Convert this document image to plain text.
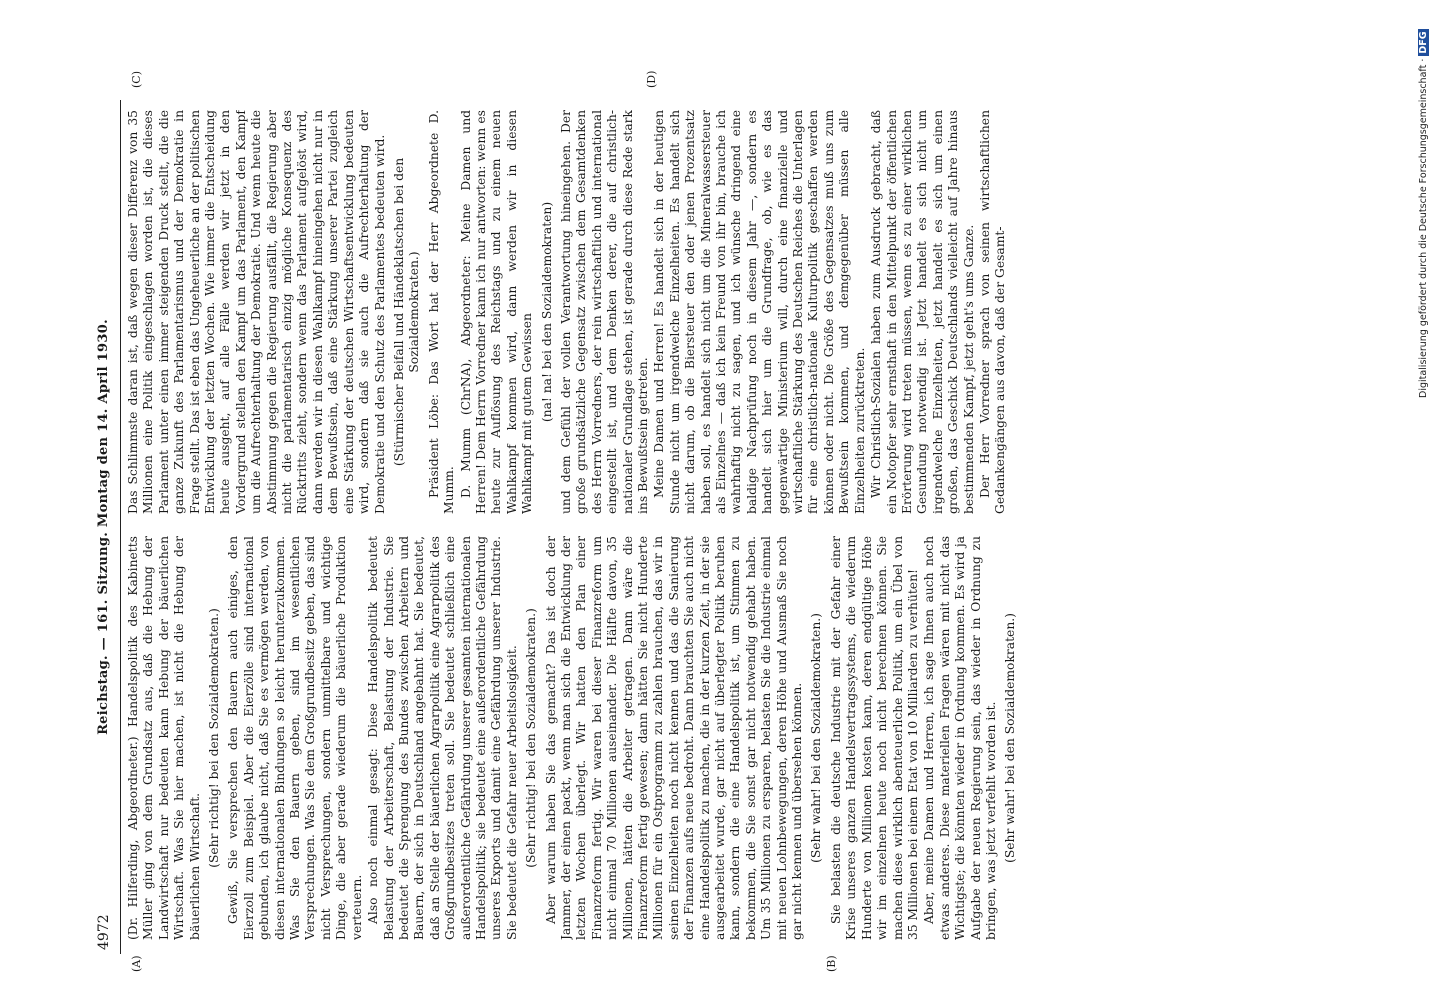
4972
Reichstag. — 161. Sitzung. Montag den 14. April 1930.
(A)	(B)
(C)	(D)

(Dr. Hilferding, Abgeordneter.) Handelspolitik des Kabinetts Müller ging von dem Grundsatz aus, daß die Hebung der Landwirtschaft nur bedeuten kann Hebung der bäuerlichen Wirtschaft. Was Sie hier machen, ist nicht die Hebung der bäuerlichen Wirtschaft. (Sehr richtig! bei den Sozialdemokraten.) Gewiß, Sie versprechen den Bauern auch einiges, den Eierzoll zum Beispiel. Aber die Eierzölle sind international gebunden, ich glaube nicht, daß Sie es vermögen werden, von diesen internationalen Bindungen so leicht herunterzukommen. Was Sie den Bauern geben, sind im wesentlichen Versprechungen. Was Sie dem Großgrundbesitz geben, das sind nicht Versprechungen, sondern unmittelbare und wichtige Dinge, die aber gerade wiederum die bäuerliche Produktion verteuern. Also noch einmal gesagt: Diese Handelspolitik bedeutet Belastung der Arbeiterschaft, Belastung der Industrie. Sie bedeutet die Sprengung des Bundes zwischen Arbeitern und Bauern, der sich in Deutschland angebahnt hat. Sie bedeutet, daß an Stelle der bäuerlichen Agrarpolitik eine Agrarpolitik des Großgrundbesitzes treten soll. Sie bedeutet schließlich eine außerordentliche Gefährdung unserer gesamten internationalen Handelspolitik; sie bedeutet eine außerordentliche Gefährdung unseres Exports und damit eine Gefährdung unserer Industrie. Sie bedeutet die Gefahr neuer Arbeitslosigkeit. (Sehr richtig! bei den Sozialdemokraten.) Aber warum haben Sie das gemacht? Das ist doch der Jammer, der einen packt, wenn man sich die Entwicklung der letzten Wochen überlegt. Wir hatten den Plan einer Finanzreform fertig. Wir waren bei dieser Finanzreform um nicht einmal 70 Millionen auseinander. Die Hälfte davon, 35 Millionen, hätten die Arbeiter getragen. Dann wäre die Finanzreform fertig gewesen; dann hätten Sie nicht Hunderte Millionen für ein Ostprogramm zu zahlen brauchen, das wir in seinen Einzelheiten noch nicht kennen und das die Sanierung der Finanzen aufs neue bedroht. Dann brauchten Sie auch nicht eine Handelspolitik zu machen, die in der kurzen Zeit, in der sie ausgearbeitet wurde, gar nicht auf überlegter Politik beruhen kann, sondern die eine Handelspolitik ist, um Stimmen zu bekommen, die Sie sonst gar nicht notwendig gehabt haben. Um 35 Millionen zu ersparen, belasten Sie die Industrie einmal mit neuen Lohnbewegungen, deren Höhe und Ausmaß Sie noch gar nicht kennen und übersehen können. (Sehr wahr! bei den Sozialdemokraten.) Sie belasten die deutsche Industrie mit der Gefahr einer Krise unseres ganzen Handelsvertragssystems, die wiederum Hunderte von Millionen kosten kann, deren endgültige Höhe wir im einzelnen heute noch nicht berechnen können. Sie machen diese wirklich abenteuerliche Politik, um ein Übel von 35 Millionen bei einem Etat von 10 Milliarden zu verhüten! Aber, meine Damen und Herren, ich sage Ihnen auch noch etwas anderes. Diese materiellen Fragen wären mit nicht das Wichtigste; die könnten wieder in Ordnung kommen. Es wird ja Aufgabe der neuen Regierung sein, das wieder in Ordnung zu bringen, was jetzt verfehlt worden ist. (Sehr wahr! bei den Sozialdemokraten.)

Das Schlimmste daran ist, daß wegen dieser Differenz von 35 Millionen eine Politik eingeschlagen worden ist, die dieses Parlament unter einen immer steigenden Druck stellt, die die ganze Zukunft des Parlamentarismus und der Demokratie in Frage stellt. Das ist eben das Ungeheuerliche an der politischen Entwicklung der letzten Wochen. Wie immer die Entscheidung heute ausgeht, auf alle Fälle werden wir jetzt in den Vordergrund stellen den Kampf um das Parlament, den Kampf um die Aufrechterhaltung der Demokratie. Und wenn heute die Abstimmung gegen die Regierung ausfällt, die Regierung aber nicht die parlamentarisch einzig mögliche Konsequenz des Rücktritts zieht, sondern wenn das Parlament aufgelöst wird, dann werden wir in diesen Wahlkampf hineingehen nicht nur in dem Bewußtsein, daß eine Stärkung unserer Partei zugleich eine Stärkung der deutschen Wirtschaftsentwicklung bedeuten wird, sondern daß sie auch die Aufrechterhaltung der Demokratie und den Schutz des Parlamentes bedeuten wird. (Stürmischer Beifall und Händeklatschen bei den Sozialdemokraten.) Präsident Löbe: Das Wort hat der Herr Abgeordnete D. Mumm. D. Mumm (ChrNA), Abgeordneter: Meine Damen und Herren! Dem Herrn Vorredner kann ich nur antworten: wenn es heute zur Auflösung des Reichstags und zu einem neuen Wahlkampf kommen wird, dann werden wir in diesen Wahlkampf mit gutem Gewissen (na! na! bei den Sozialdemokraten) und dem Gefühl der vollen Verantwortung hineingehen. Der große grundsätzliche Gegensatz zwischen dem Gesamtdenken des Herrn Vorredners, der rein wirtschaftlich und international eingestellt ist, und dem Denken derer, die auf christlich-nationaler Grundlage stehen, ist gerade durch diese Rede stark ins Bewußtsein getreten. Meine Damen und Herren! Es handelt sich in der heutigen Stunde nicht um irgendwelche Einzelheiten. Es handelt sich nicht darum, ob die Biersteuer den oder jenen Prozentsatz haben soll, es handelt sich nicht um die Mineralwassersteuer als Einzelnes — daß ich kein Freund von ihr bin, brauche ich wahrhaftig nicht zu sagen, und ich wünsche dringend eine baldige Nachprüfung noch in diesem Jahr —, sondern es handelt sich hier um die Grundfrage, ob, wie es das gegenwärtige Ministerium will, durch eine finanzielle und wirtschaftliche Stärkung des Deutschen Reiches die Unterlagen für eine christlich-nationale Kulturpolitik geschaffen werden können oder nicht. Die Größe des Gegensatzes muß uns zum Bewußtsein kommen, und demgegenüber müssen alle Einzelheiten zurücktreten. Wir Christlich-Sozialen haben zum Ausdruck gebracht, daß ein Notopfer sehr ernsthaft in den Mittelpunkt der öffentlichen Erörterung wird treten müssen, wenn es zu einer wirklichen Gesundung notwendig ist. Jetzt handelt es sich nicht um irgendwelche Einzelheiten, jetzt handelt es sich um einen großen, das Geschick Deutschlands vielleicht auf Jahre hinaus bestimmenden Kampf, jetzt geht's ums Ganze. Der Herr Vorredner sprach von seinen wirtschaftlichen Gedankengängen aus davon, daß der Gesamt-	Digitalisierung gefördert durch die Deutsche Forschungsgemeinschaft · DFG
